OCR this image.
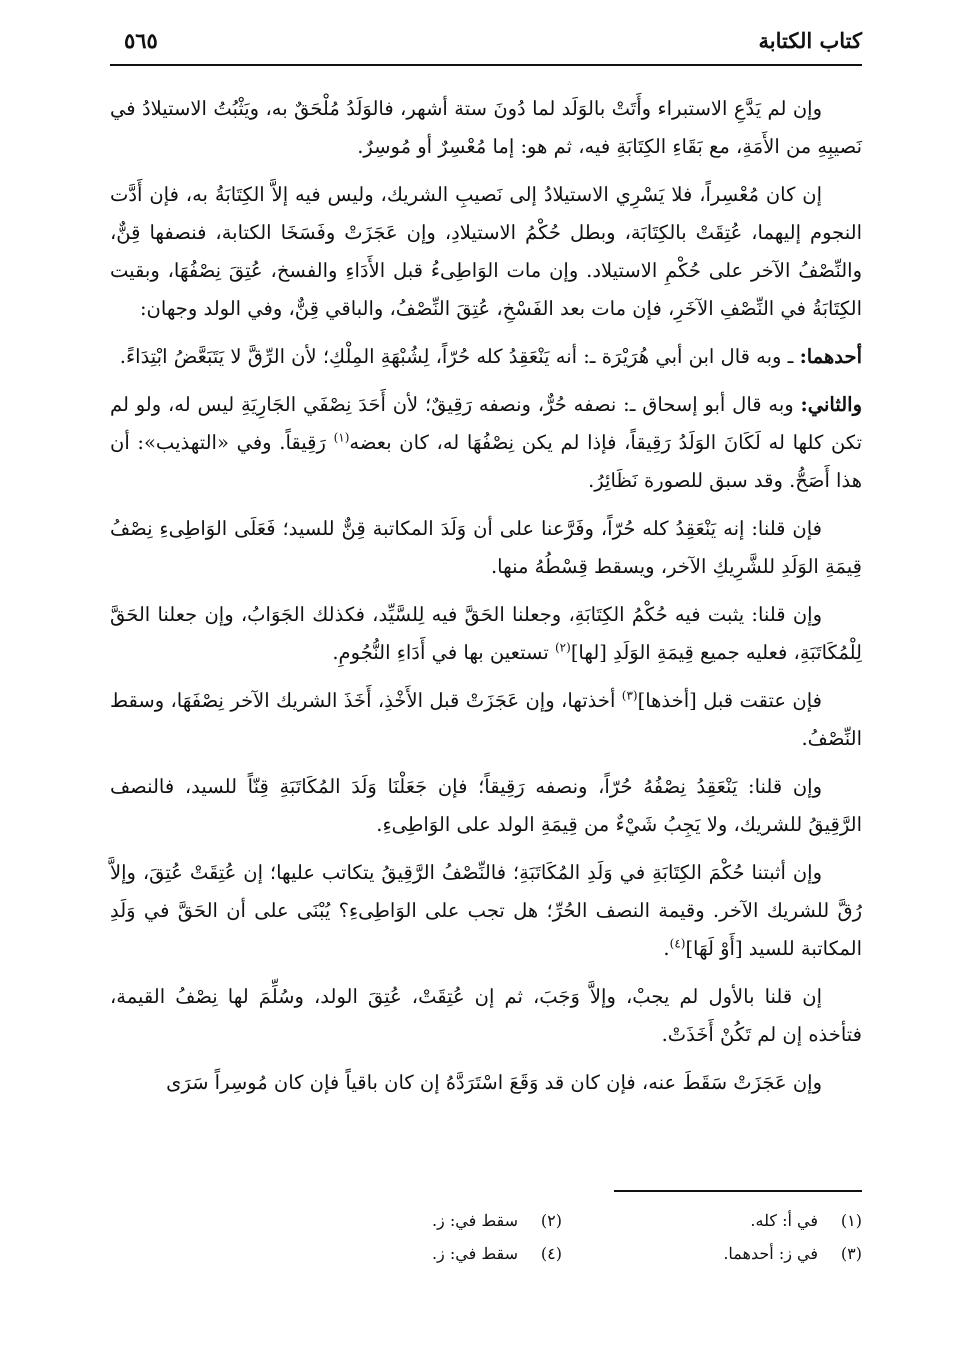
كتاب الكتابة
٥٦٥

وإن لم يَدَّعِ الاستبراء وأَتَتْ بالوَلَد لما دُونَ ستة أشهر، فالوَلَدُ مُلْحَقٌ به، ويَثْبُتُ الاستيلادُ في نَصيبِهِ من الأَمَةِ، مع بَقَاءِ الكِتَابَةِ فيه، ثم هو: إما مُعْسِرٌ أو مُوسِرٌ.

إن كان مُعْسِراً، فلا يَسْرِي الاستيلادُ إلى نَصيبِ الشريك، وليس فيه إلاَّ الكِتَابَةُ به، فإن أَدَّت النجوم إليهما، عُتِقَتْ بالكِتَابَة، وبطل حُكْمُ الاستيلادِ، وإن عَجَزَتْ وفَسَخَا الكتابة، فنصفها قِنٌّ، والنِّصْفُ الآخر على حُكْمِ الاستيلاد. وإن مات الوَاطِىءُ قبل الأَدَاءِ والفسخ، عُتِقَ نِصْفُهَا، وبقيت الكِتَابَةُ في النِّصْفِ الآخَرِ، فإن مات بعد الفَسْخِ، عُتِقَ النِّصْفُ، والباقي قِنٌّ، وفي الولد وجهان:

أحدهما: ـ وبه قال ابن أبي هُرَيْرَة ـ: أنه يَنْعَقِدُ كله حُرّاً، لِشُبْهَةِ المِلْكِ؛ لأن الرِّقَّ لا يَتَبَعَّضُ ابْتِدَاءً.

والثاني: وبه قال أبو إسحاق ـ: نصفه حُرٌّ، ونصفه رَقِيقٌ؛ لأن أَحَدَ نِصْفَي الجَارِيَةِ ليس له، ولو لم تكن كلها له لَكَانَ الوَلَدُ رَقِيقاً، فإذا لم يكن نِصْفُهَا له، كان بعضه$^{(١)}$ رَقِيقاً. وفي «التهذيب»: أن هذا أَصَحُّ. وقد سبق للصورة نَظَائِرُ.

فإن قلنا: إنه يَنْعَقِدُ كله حُرّاً، وفَرَّعنا على أن وَلَدَ المكاتبة قِنٌّ للسيد؛ فَعَلَى الوَاطِىءِ نِصْفُ قِيمَةِ الوَلَدِ للشَّرِيكِ الآخر، ويسقط قِسْطُهُ منها.

وإن قلنا: يثبت فيه حُكْمُ الكِتَابَةِ، وجعلنا الحَقَّ فيه لِلسَّيِّد، فكذلك الجَوَابُ، وإن جعلنا الحَقَّ لِلْمُكَاتَبَةِ، فعليه جميع قِيمَةِ الوَلَدِ [لها]$^{(٢)}$ تستعين بها في أَدَاءِ النُّجُومِ.

فإن عتقت قبل [أخذها]$^{(٣)}$ أخذتها، وإن عَجَزَتْ قبل الأَخْذِ، أَخَذَ الشريك الآخر نِصْفَهَا، وسقط النِّصْفُ.

وإن قلنا: يَنْعَقِدُ نِصْفُهُ حُرّاً، ونصفه رَقِيقاً؛ فإن جَعَلْنَا وَلَدَ المُكَاتَبَةِ قِنّاً للسيد، فالنصف الرَّقِيقُ للشريك، ولا يَجِبُ شَيْءٌ من قِيمَةِ الولد على الوَاطِىءِ.

وإن أثبتنا حُكْمَ الكِتَابَةِ في وَلَدِ المُكَاتَبَةِ؛ فالنِّصْفُ الرَّقِيقُ يتكاتب عليها؛ إن عُتِقَتْ عُتِقَ، وإلاَّ رُقَّ للشريك الآخر. وقيمة النصف الحُرِّ؛ هل تجب على الوَاطِىءِ؟ يُبْنَى على أن الحَقَّ في وَلَدِ المكاتبة للسيد [أَوْ لَهَا]$^{(٤)}$.

إن قلنا بالأول لم يجبْ، وإلاَّ وَجَبَ، ثم إن عُتِقَتْ، عُتِقَ الولد، وسُلِّمَ لها نِصْفُ القيمة، فتأخذه إن لم تَكُنْ أَخَذَتْ.

وإن عَجَزَتْ سَقَطَ عنه، فإن كان قد وَقَعَ اسْتَرَدَّهُ إن كان باقياً فإن كان مُوسِراً سَرَى

(١)في أ: كله.
(٢)سقط في: ز.
(٣)في ز: أحدهما.
(٤)سقط في: ز.
